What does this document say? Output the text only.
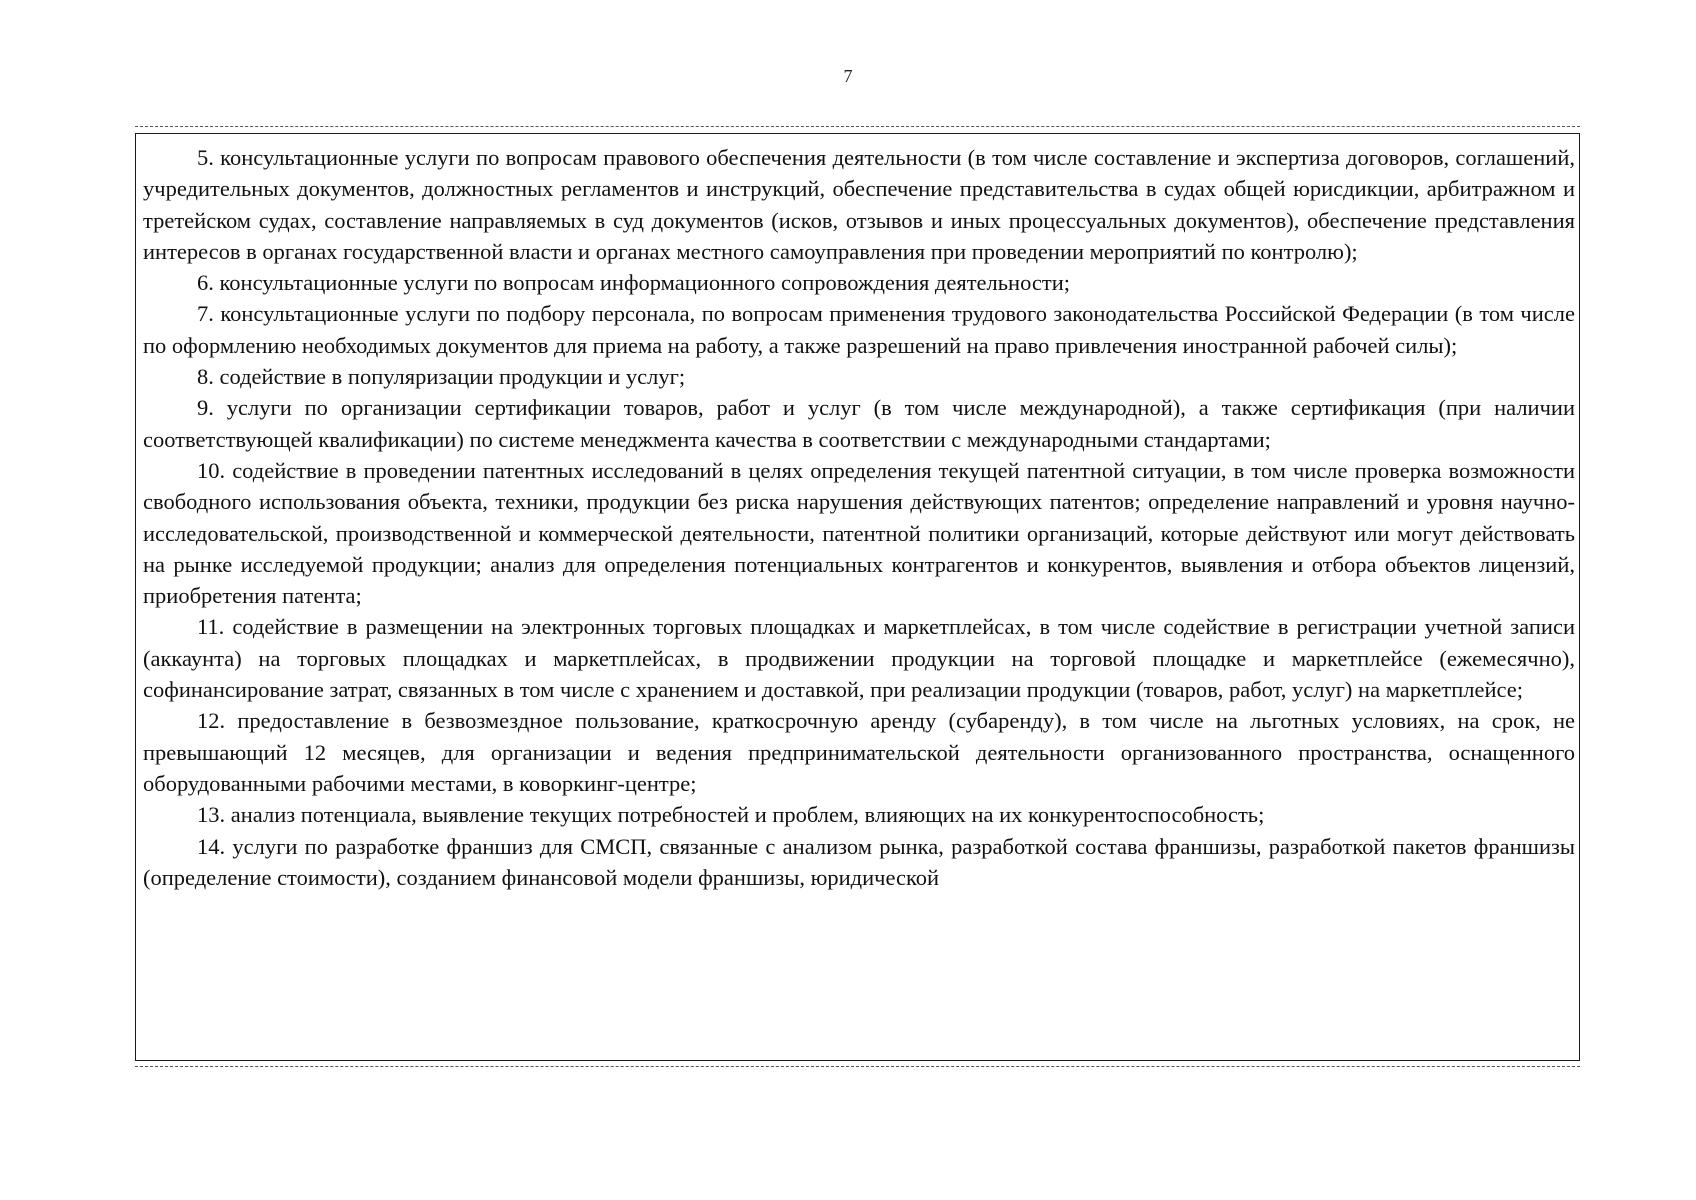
7

5. консультационные услуги по вопросам правового обеспечения деятельности (в том числе составление и экспертиза договоров, соглашений, учредительных документов, должностных регламентов и инструкций, обеспечение представительства в судах общей юрисдикции, арбитражном и третейском судах, составление направляемых в суд документов (исков, отзывов и иных процессуальных документов), обеспечение представления интересов в органах государственной власти и органах местного самоуправления при проведении мероприятий по контролю);

6. консультационные услуги по вопросам информационного сопровождения деятельности;

7. консультационные услуги по подбору персонала, по вопросам применения трудового законодательства Российской Федерации (в том числе по оформлению необходимых документов для приема на работу, а также разрешений на право привлечения иностранной рабочей силы);

8. содействие в популяризации продукции и услуг;

9. услуги по организации сертификации товаров, работ и услуг (в том числе международной), а также сертификация (при наличии соответствующей квалификации) по системе менеджмента качества в соответствии с международными стандартами;

10. содействие в проведении патентных исследований в целях определения текущей патентной ситуации, в том числе проверка возможности свободного использования объекта, техники, продукции без риска нарушения действующих патентов; определение направлений и уровня научно-исследовательской, производственной и коммерческой деятельности, патентной политики организаций, которые действуют или могут действовать на рынке исследуемой продукции; анализ для определения потенциальных контрагентов и конкурентов, выявления и отбора объектов лицензий, приобретения патента;

11. содействие в размещении на электронных торговых площадках и маркетплейсах, в том числе содействие в регистрации учетной записи (аккаунта) на торговых площадках и маркетплейсах, в продвижении продукции на торговой площадке и маркетплейсе (ежемесячно), софинансирование затрат, связанных в том числе с хранением и доставкой, при реализации продукции (товаров, работ, услуг) на маркетплейсе;

12. предоставление в безвозмездное пользование, краткосрочную аренду (субаренду), в том числе на льготных условиях, на срок, не превышающий 12 месяцев, для организации и ведения предпринимательской деятельности организованного пространства, оснащенного оборудованными рабочими местами, в коворкинг-центре;

13. анализ потенциала, выявление текущих потребностей и проблем, влияющих на их конкурентоспособность;

14. услуги по разработке франшиз для СМСП, связанные с анализом рынка, разработкой состава франшизы, разработкой пакетов франшизы (определение стоимости), созданием финансовой модели франшизы, юридической
